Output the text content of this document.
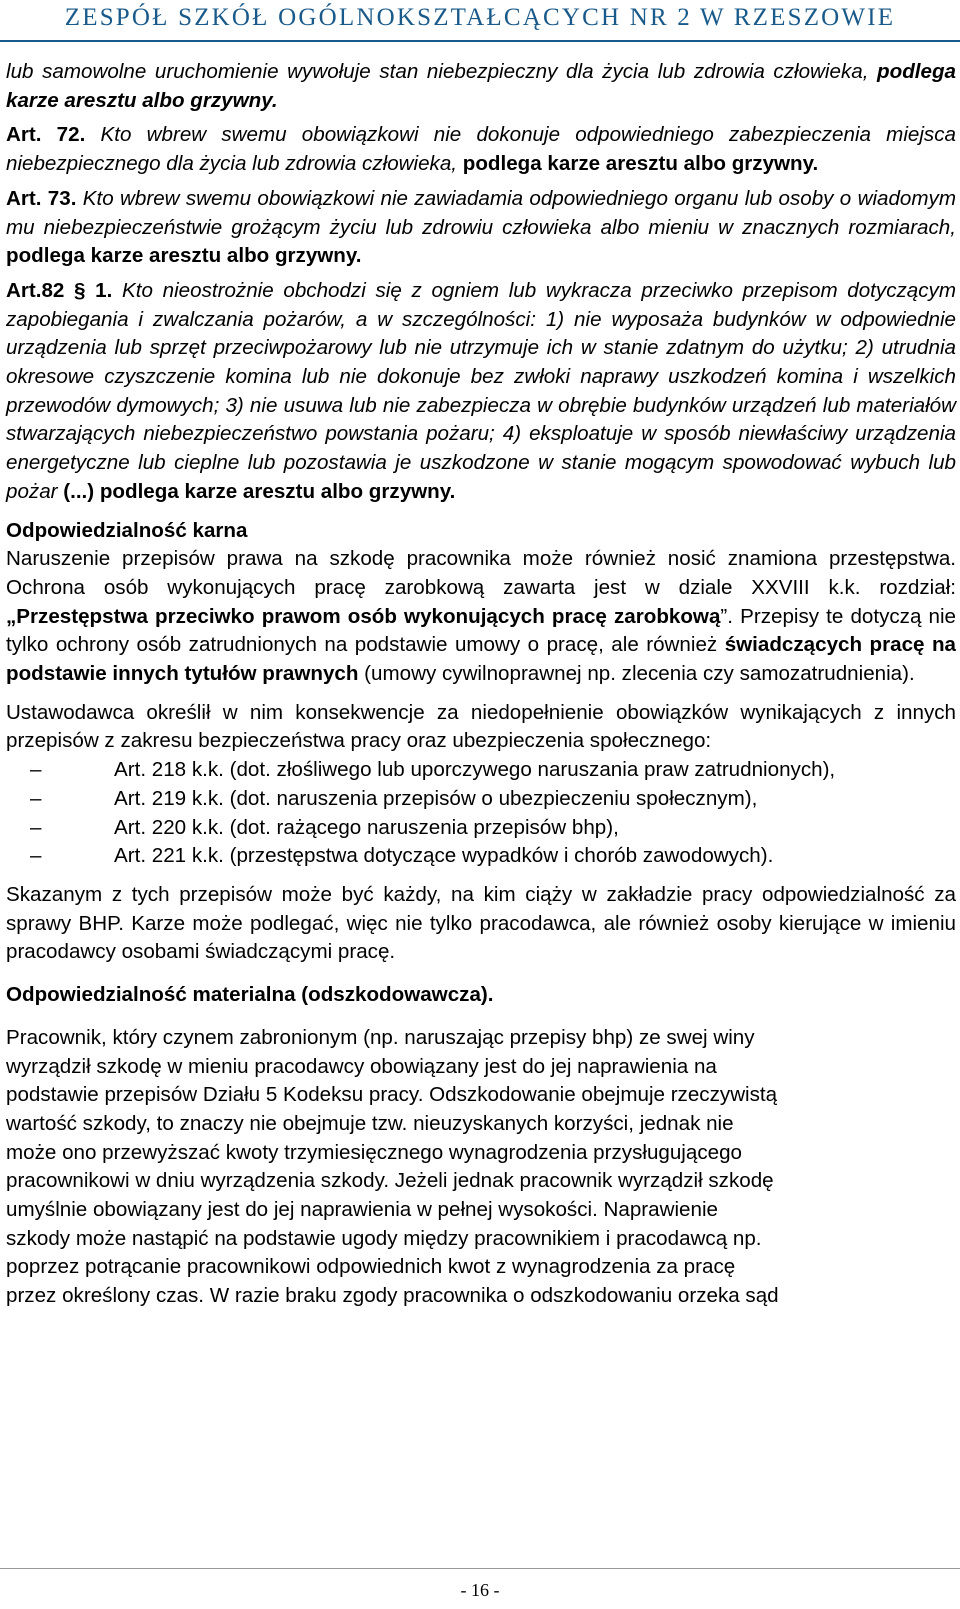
ZESPÓŁ SZKÓŁ OGÓLNOKSZTAŁCĄCYCH NR 2 W RZESZOWIE

lub samowolne uruchomienie wywołuje stan niebezpieczny dla życia lub zdrowia człowieka, podlega karze aresztu albo grzywny.

Art. 72. Kto wbrew swemu obowiązkowi nie dokonuje odpowiedniego zabezpieczenia miejsca niebezpiecznego dla życia lub zdrowia człowieka, podlega karze aresztu albo grzywny.

Art. 73. Kto wbrew swemu obowiązkowi nie zawiadamia odpowiedniego organu lub osoby o wiadomym mu niebezpieczeństwie grożącym życiu lub zdrowiu człowieka albo mieniu w znacznych rozmiarach, podlega karze aresztu albo grzywny.

Art.82 § 1. Kto nieostrożnie obchodzi się z ogniem lub wykracza przeciwko przepisom dotyczącym zapobiegania i zwalczania pożarów, a w szczególności: 1) nie wyposaża budynków w odpowiednie urządzenia lub sprzęt przeciwpożarowy lub nie utrzymuje ich w stanie zdatnym do użytku; 2) utrudnia okresowe czyszczenie komina lub nie dokonuje bez zwłoki naprawy uszkodzeń komina i wszelkich przewodów dymowych; 3) nie usuwa lub nie zabezpiecza w obrębie budynków urządzeń lub materiałów stwarzających niebezpieczeństwo powstania pożaru; 4) eksploatuje w sposób niewłaściwy urządzenia energetyczne lub cieplne lub pozostawia je uszkodzone w stanie mogącym spowodować wybuch lub pożar (...) podlega karze aresztu albo grzywny.

Odpowiedzialność karna

Naruszenie przepisów prawa na szkodę pracownika może również nosić znamiona przestępstwa. Ochrona osób wykonujących pracę zarobkową zawarta jest w dziale XXVIII k.k. rozdział: „Przestępstwa przeciwko prawom osób wykonujących pracę zarobkową”. Przepisy te dotyczą nie tylko ochrony osób zatrudnionych na podstawie umowy o pracę, ale również świadczących pracę na podstawie innych tytułów prawnych (umowy cywilnoprawnej np. zlecenia czy samozatrudnienia).

Ustawodawca określił w nim konsekwencje za niedopełnienie obowiązków wynikających z innych przepisów z zakresu bezpieczeństwa pracy oraz ubezpieczenia społecznego:

–	Art. 218 k.k. (dot. złośliwego lub uporczywego naruszania praw zatrudnionych),
–	Art. 219 k.k. (dot. naruszenia przepisów o ubezpieczeniu społecznym),
–	Art. 220 k.k. (dot. rażącego naruszenia przepisów bhp),
–	Art. 221 k.k. (przestępstwa dotyczące wypadków i chorób zawodowych).

Skazanym z tych przepisów może być każdy, na kim ciąży w zakładzie pracy odpowiedzialność za sprawy BHP. Karze może podlegać, więc nie tylko pracodawca, ale również osoby kierujące w imieniu pracodawcy osobami świadczącymi pracę.

Odpowiedzialność materialna (odszkodowawcza).

Pracownik, który czynem zabronionym (np. naruszając przepisy bhp) ze swej winy
wyrządził szkodę w mieniu pracodawcy obowiązany jest do jej naprawienia na
podstawie przepisów Działu 5 Kodeksu pracy. Odszkodowanie obejmuje rzeczywistą
wartość szkody, to znaczy nie obejmuje tzw. nieuzyskanych korzyści, jednak nie
może ono przewyższać kwoty trzymiesięcznego wynagrodzenia przysługującego
pracownikowi w dniu wyrządzenia szkody. Jeżeli jednak pracownik wyrządził szkodę
umyślnie obowiązany jest do jej naprawienia w pełnej wysokości. Naprawienie
szkody może nastąpić na podstawie ugody między pracownikiem i pracodawcą np.
poprzez potrącanie pracownikowi odpowiednich kwot z wynagrodzenia za pracę
przez określony czas. W razie braku zgody pracownika o odszkodowaniu orzeka sąd
- 16 -
